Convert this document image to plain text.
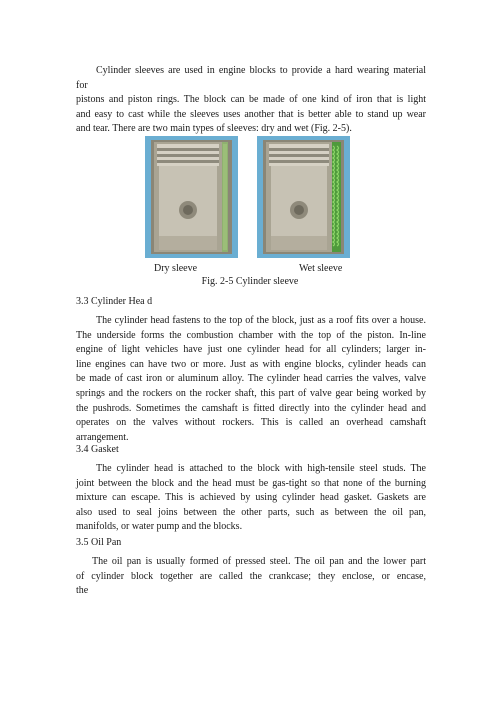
Cylinder sleeves are used in engine blocks to provide a hard wearing material
for
pistons and piston rings. The block can be made of one kind of iron that is light
and easy to cast while the sleeves uses another that is better able to stand up wear
and tear. There are two main types of sleeves: dry and wet (Fig. 2-5).
Dry sleeve	Wet sleeve
Fig. 2-5 Cylinder sleeve
3.3 Cylinder Hea d
The cylinder head fastens to the top of the block, just as a roof fits over a house.
The underside forms the combustion chamber with the top of the piston. In-line
engine of light vehicles have just one cylinder head for all cylinders; larger in-
line engines can have two or more. Just as with engine blocks, cylinder heads can
be made of cast iron or aluminum alloy. The cylinder head carries the valves, valve
springs and the rockers on the rocker shaft, this part of valve gear being worked by
the pushrods. Sometimes the camshaft is fitted directly into the cylinder head and
operates on the valves without rockers. This is called an overhead camshaft
arrangement.
3.4 Gasket
The cylinder head is attached to the block with high-tensile steel studs. The
joint between the block and the head must be gas-tight so that none of the burning
mixture can escape. This is achieved by using cylinder head gasket. Gaskets are
also used to seal joins between the other parts, such as between the oil pan,
manifolds, or water pump and the blocks.
3.5 Oil Pan
The oil pan is usually formed of pressed steel. The oil pan and the lower part
of cylinder block together are called the crankcase; they enclose, or encase,
the
